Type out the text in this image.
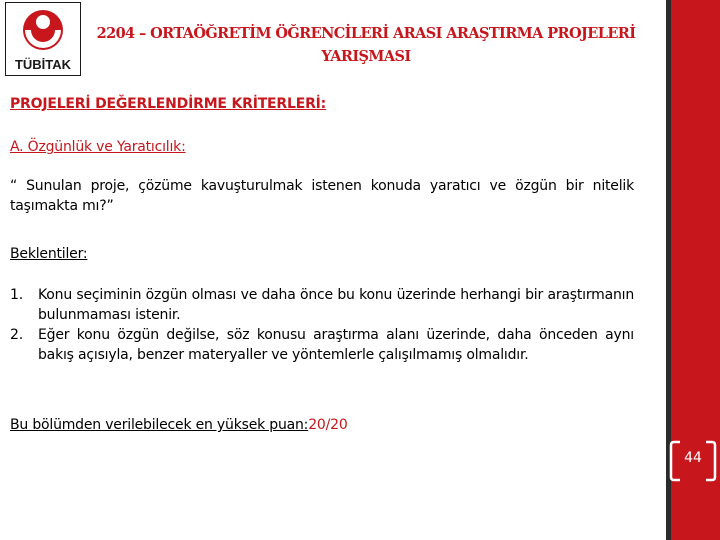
TÜBİTAK
2204 – ORTAÖĞRETİM ÖĞRENCİLERİ ARASI ARAŞTIRMA PROJELERİ YARIŞMASI
PROJELERİ DEĞERLENDİRME KRİTERLERİ:
A. Özgünlük ve Yaratıcılık:
“ Sunulan proje, çözüme kavuşturulmak istenen konuda yaratıcı ve özgün bir nitelik taşımakta mı?”
Beklentiler:
1.	Konu seçiminin özgün olması ve daha önce bu konu üzerinde herhangi bir araştırmanın bulunmaması istenir.
2.	Eğer konu özgün değilse, söz konusu araştırma alanı üzerinde, daha önceden aynı bakış açısıyla, benzer materyaller ve yöntemlerle çalışılmamış olmalıdır.
Bu bölümden verilebilecek en yüksek puan:20/20
44
